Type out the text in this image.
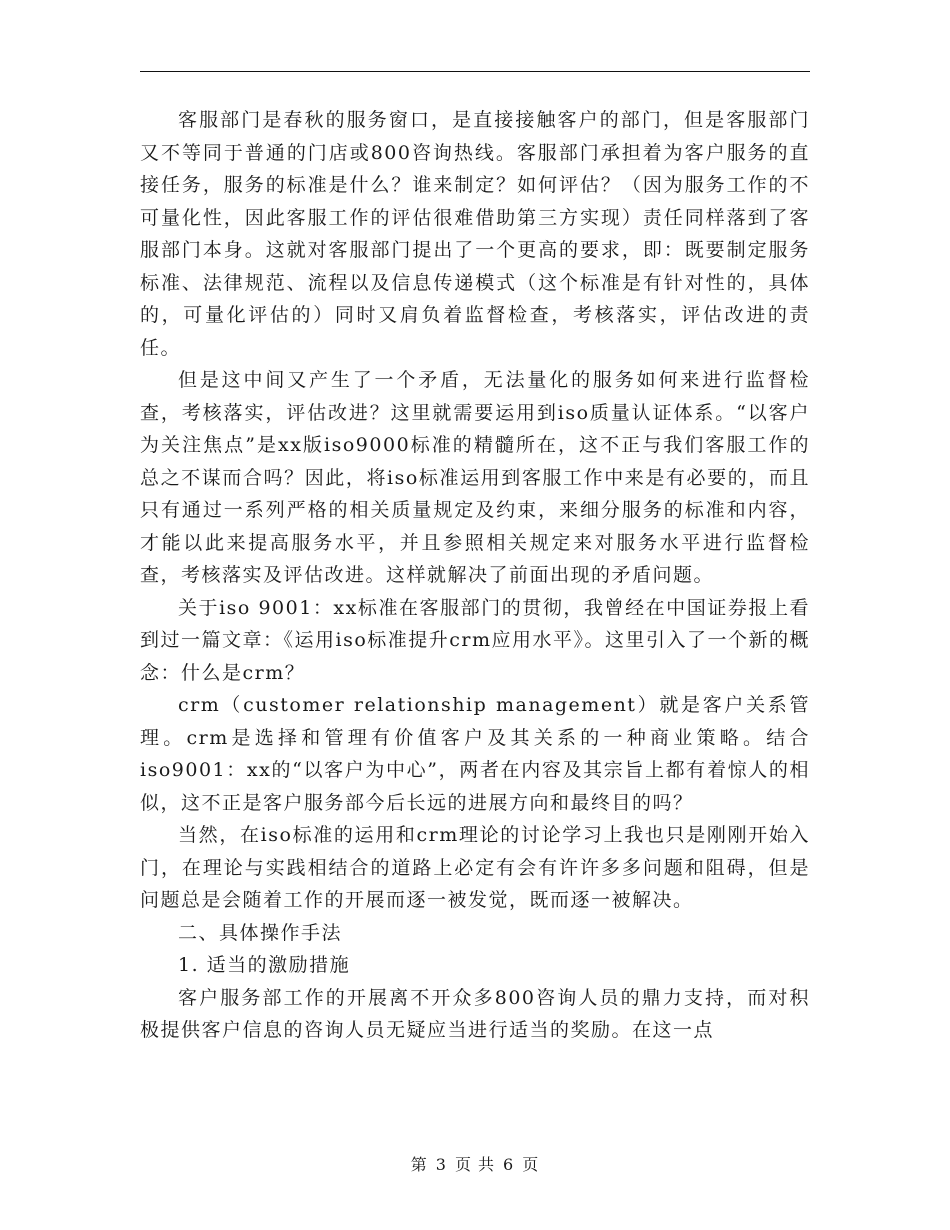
客服部门是春秋的服务窗口，是直接接触客户的部门，但是客服部门又不等同于普通的门店或800咨询热线。客服部门承担着为客户服务的直接任务，服务的标准是什么？谁来制定？如何评估？（因为服务工作的不可量化性，因此客服工作的评估很难借助第三方实现）责任同样落到了客服部门本身。这就对客服部门提出了一个更高的要求，即：既要制定服务标准、法律规范、流程以及信息传递模式（这个标准是有针对性的，具体的，可量化评估的）同时又肩负着监督检查，考核落实，评估改进的责任。

但是这中间又产生了一个矛盾，无法量化的服务如何来进行监督检查，考核落实，评估改进？这里就需要运用到iso质量认证体系。“以客户为关注焦点”是xx版iso9000标准的精髓所在，这不正与我们客服工作的总之不谋而合吗？因此，将iso标准运用到客服工作中来是有必要的，而且只有通过一系列严格的相关质量规定及约束，来细分服务的标准和内容，才能以此来提高服务水平，并且参照相关规定来对服务水平进行监督检查，考核落实及评估改进。这样就解决了前面出现的矛盾问题。

关于iso 9001：xx标准在客服部门的贯彻，我曾经在中国证券报上看到过一篇文章：《运用iso标准提升crm应用水平》。这里引入了一个新的概念：什么是crm？

crm（customer relationship management）就是客户关系管理。crm是选择和管理有价值客户及其关系的一种商业策略。结合iso9001：xx的“以客户为中心”，两者在内容及其宗旨上都有着惊人的相似，这不正是客户服务部今后长远的进展方向和最终目的吗？

当然，在iso标准的运用和crm理论的讨论学习上我也只是刚刚开始入门，在理论与实践相结合的道路上必定有会有许许多多问题和阻碍，但是问题总是会随着工作的开展而逐一被发觉，既而逐一被解决。

二、具体操作手法

1. 适当的激励措施

客户服务部工作的开展离不开众多800咨询人员的鼎力支持，而对积极提供客户信息的咨询人员无疑应当进行适当的奖励。在这一点

第 3 页 共 6 页
